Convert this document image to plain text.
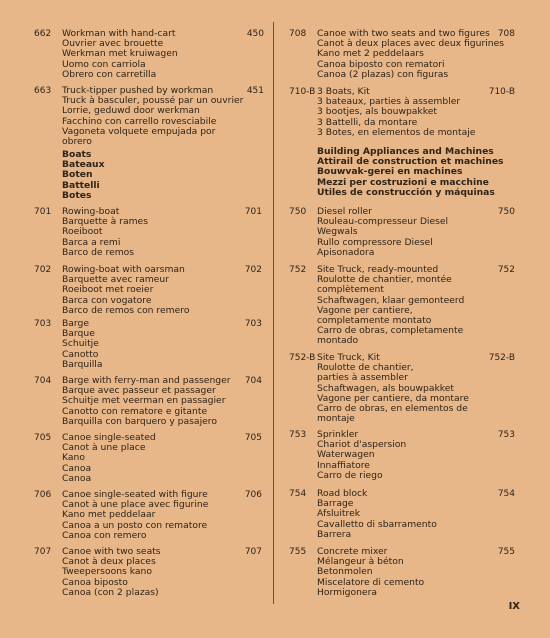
662 Workman with hand-cart
Ouvrier avec brouette
Werkman met kruiwagen
Uomo con carriola
Obrero con carretilla
450
663 Truck-tipper pushed by workman
Truck à basculer, poussé par un ouvrier
Lorrie, geduwd door werkman
Facchino con carrello rovesciabile
Vagoneta volquete empujada por
obrero
451
Boats
Bateaux
Boten
Battelli
Botes
701 Rowing-boat
Barquette à rames
Roeiboot
Barca a remi
Barco de remos
701
702 Rowing-boat with oarsman
Barquette avec rameur
Roeiboot met roeier
Barca con vogatore
Barco de remos con remero
702
703 Barge
Barque
Schuitje
Canotto
Barquilla
703
704 Barge with ferry-man and passenger
Barque avec passeur et passager
Schuitje met veerman en passagier
Canotto con rematore e gitante
Barquilla con barquero y pasajero
704
705 Canoe single-seated
Canot à une place
Kano
Canoa
Canoa
705
706 Canoe single-seated with figure
Canot à une place avec figurine
Kano met peddelaar
Canoa a un posto con rematore
Canoa con remero
706
707 Canoe with two seats
Canot à deux places
Tweepersoons kano
Canoa biposto
Canoa (con 2 plazas)
707
708 Canoe with two seats and two figures
Canot à deux places avec deux figurines
Kano met 2 peddelaars
Canoa biposto con rematori
Canoa (2 plazas) con figuras
708
710-B 3 Boats, Kit
3 bateaux, parties à assembler
3 bootjes, als bouwpakket
3 Battelli, da montare
3 Botes, en elementos de montaje
710-B
Building Appliances and Machines
Attirail de construction et machines
Bouwvak-gerei en machines
Mezzi per costruzioni e macchine
Utiles de construcción y máquinas
750 Diesel roller
Rouleau-compresseur Diesel
Wegwals
Rullo compressore Diesel
Apisonadora
750
752 Site Truck, ready-mounted
Roulotte de chantier, montée
complètement
Schaftwagen, klaar gemonteerd
Vagone per cantiere,
completamente montato
Carro de obras, completamente
montado
752
752-B Site Truck, Kit
Roulotte de chantier,
parties à assembler
Schaftwagen, als bouwpakket
Vagone per cantiere, da montare
Carro de obras, en elementos de
montaje
752-B
753 Sprinkler
Chariot d'aspersion
Waterwagen
Innaffiatore
Carro de riego
753
754 Road block
Barrage
Afsluitrek
Cavalletto di sbarramento
Barrera
754
755 Concrete mixer
Mélangeur à béton
Betonmolen
Miscelatore di cemento
Hormigonera
755
IX
